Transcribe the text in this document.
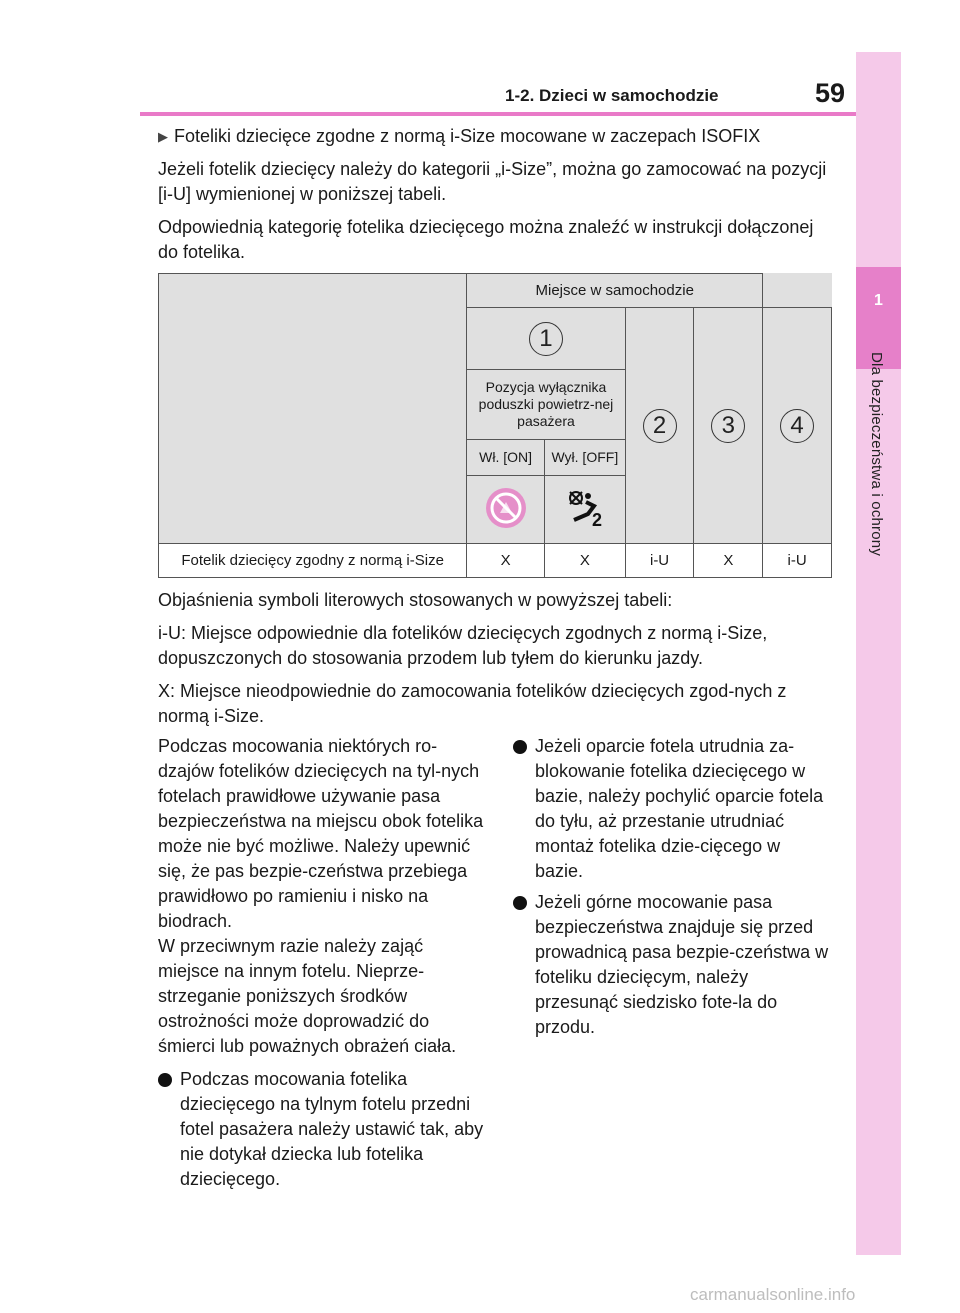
1-2. Dzieci w samochodzie	59
1
Dla bezpieczeństwa i ochrony
▶ Foteliki dziecięce zgodne z normą i-Size mocowane w zaczepach ISOFIX
Jeżeli fotelik dziecięcy należy do kategorii „i-Size”, można go zamocować na pozycji [i-U] wymienionej w poniższej tabeli.
Odpowiednią kategorię fotelika dziecięcego można znaleźć w instrukcji dołączonej do fotelika.
	Miejsce w samochodzie				
	1		2	3	4
	Pozycja wyłącznika poduszki powietrz-nej pasażera				
	Wł. [ON]	Wył. [OFF]			

2			

Fotelik dziecięcy zgodny z normą i-Size	X	X	i-U	X	i-U
Objaśnienia symboli literowych stosowanych w powyższej tabeli:
i-U: Miejsce odpowiednie dla fotelików dziecięcych zgodnych z normą i-Size, dopuszczonych do stosowania przodem lub tyłem do kierunku jazdy.
X: Miejsce nieodpowiednie do zamocowania fotelików dziecięcych zgod-nych z normą i-Size.
Podczas mocowania niektórych ro-dzajów fotelików dziecięcych na tyl-nych fotelach prawidłowe używanie pasa bezpieczeństwa na miejscu obok fotelika może nie być możliwe. Należy upewnić się, że pas bezpie-czeństwa przebiega prawidłowo po ramieniu i nisko na biodrach.
W przeciwnym razie należy zająć miejsce na innym fotelu. Nieprze-strzeganie poniższych środków ostrożności może doprowadzić do śmierci lub poważnych obrażeń ciała.
Podczas mocowania fotelika dziecięcego na tylnym fotelu przedni fotel pasażera należy ustawić tak, aby nie dotykał dziecka lub fotelika dziecięcego.
Jeżeli oparcie fotela utrudnia za-blokowanie fotelika dziecięcego w bazie, należy pochylić oparcie fotela do tyłu, aż przestanie utrudniać montaż fotelika dzie-cięcego w bazie.
Jeżeli górne mocowanie pasa bezpieczeństwa znajduje się przed prowadnicą pasa bezpie-czeństwa w foteliku dziecięcym, należy przesunąć siedzisko fote-la do przodu.
carmanualsonline.info
